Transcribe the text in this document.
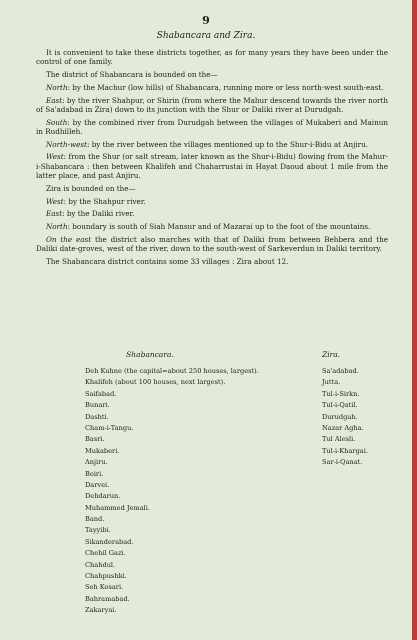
9
Shabancara and Zira.

It is convenient to take these districts together, as for many years they have been under the control of one family.

The district of Shabancara is bounded on the—

North: by the Machur (low hills) of Shabancara, running more or less north-west south-east.

East: by the river Shahpur, or Shirin (from where the Mahur descend towards the river north of Sa'adabad in Zira) down to its junction with the Shur or Daliki river at Durudgah.

South: by the combined river from Durudgah between the villages of Mukaberi and Mainun in Rudhilleh.

North-west: by the river between the villages mentioned up to the Shur-i-Bidu at Anjiru.

West: from the Shur (or salt stream, later known as the Shur-i-Bidu) flowing from the Mahur-i-Shabancara : then between Khalifeh and Chaharrustai in Hayat Daoud about 1 mile from the latter place, and past Anjiru.

Zira is bounded on the—

West: by the Shahpur river.

East: by the Daliki river.

North: boundary is south of Siah Mansur and of Mazarai up to the foot of the mountains.

On the east the district also marches with that of Daliki from between Behbera and the Daliki date-groves, west of the river, down to the south-west of Sarkeverdun in Daliki territory.

The Shabancara district contains some 33 villages : Zira about 12.

Shabancara.
Deh Kuhne (the capital=about 250 houses, largest).
Khalifeh (about 100 houses, next largest).
Saifabad.
Bunari.
Dashti.
Cham-i-Tangu.
Basri.
Mukaberi.
Anjiru.
Boiri.
Darvei.
Dehdarun.
Muhammed Jemali.
Band.
Tayyibi.
Sikanderabad.
Chehil Gazi.
Chahdul.
Chahpushki.
Seh Kosari.
Bahramabad.
Zakaryai.
Zira.
Sa'adabad.
Jutta.
Tul-i-Sirkn.
Tul-i-Qatil.
Durudgah.
Nazar Agha.
Tul Alesli.
Tul-i-Khargai.
Sar-i-Qanat.
